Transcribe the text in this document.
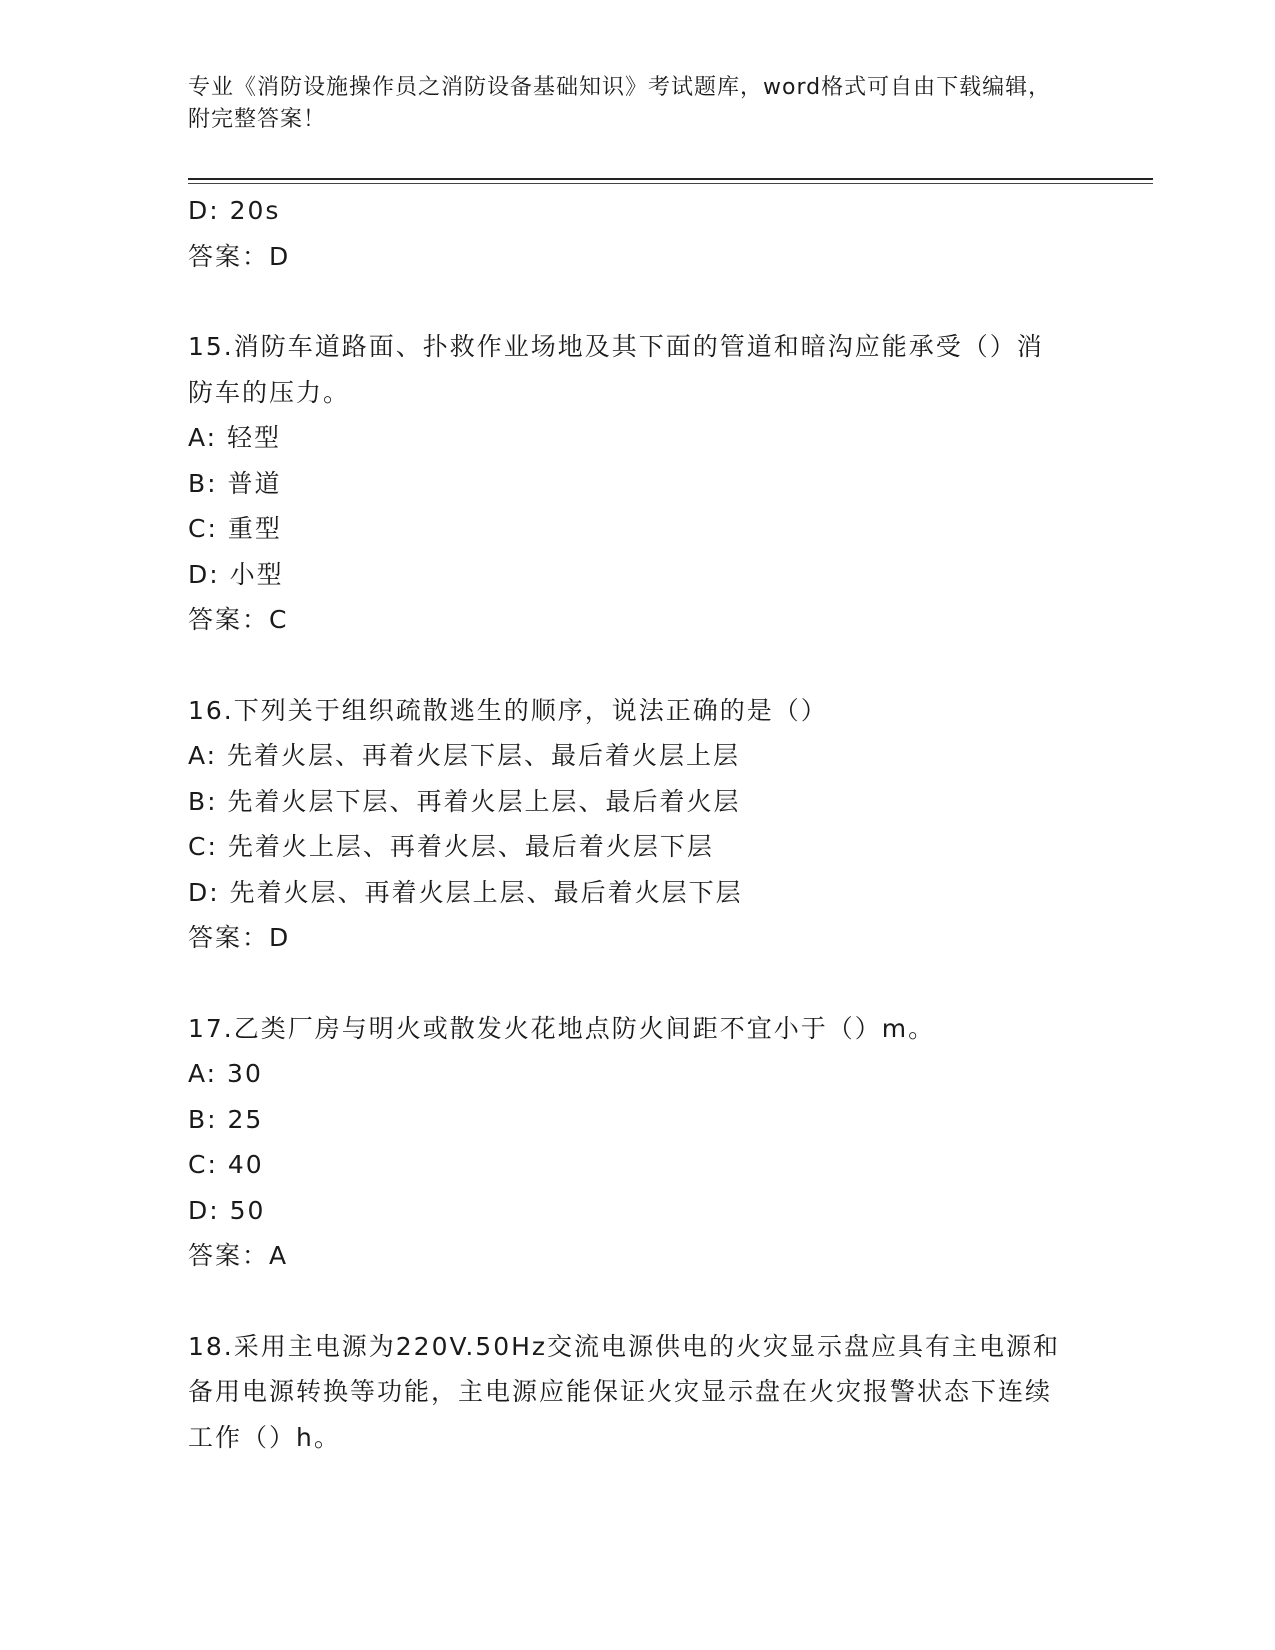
专业《消防设施操作员之消防设备基础知识》考试题库，word格式可自由下载编辑，附完整答案！
D: 20s
答案：D
15.消防车道路面、扑救作业场地及其下面的管道和暗沟应能承受（）消防车的压力。
A: 轻型
B: 普道
C: 重型
D: 小型
答案：C
16.下列关于组织疏散逃生的顺序，说法正确的是（）
A: 先着火层、再着火层下层、最后着火层上层
B: 先着火层下层、再着火层上层、最后着火层
C: 先着火上层、再着火层、最后着火层下层
D: 先着火层、再着火层上层、最后着火层下层
答案：D
17.乙类厂房与明火或散发火花地点防火间距不宜小于（）m。
A: 30
B: 25
C: 40
D: 50
答案：A
18.采用主电源为220V.50Hz交流电源供电的火灾显示盘应具有主电源和备用电源转换等功能，主电源应能保证火灾显示盘在火灾报警状态下连续工作（）h。
